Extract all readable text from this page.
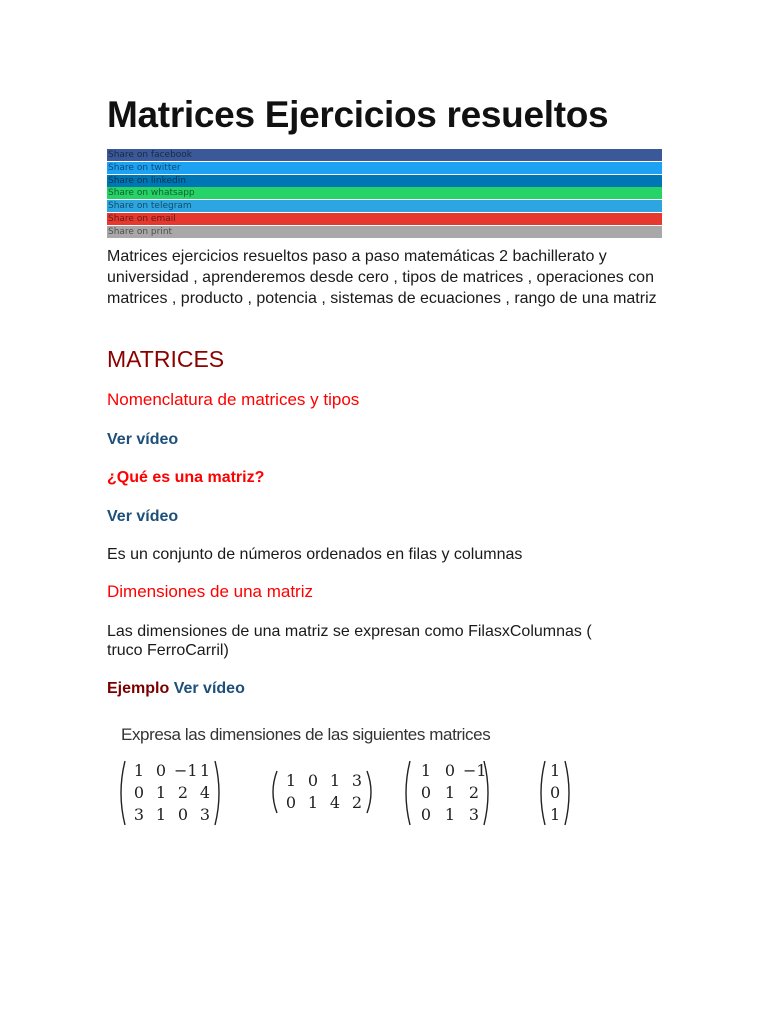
Matrices Ejercicios resueltos
Share on facebook
Share on twitter
Share on linkedin
Share on whatsapp
Share on telegram
Share on email
Share on print

Matrices ejercicios resueltos paso a paso matemáticas 2 bachillerato y universidad , aprenderemos desde cero , tipos de matrices , operaciones con matrices , producto , potencia , sistemas de ecuaciones , rango de una matriz

MATRICES
Nomenclatura de matrices y tipos
Ver vídeo
¿Qué es una matriz?
Ver vídeo

Es un conjunto de números ordenados en filas y columnas

Dimensiones de una matriz

Las dimensiones de una matriz se expresan como FilasxColumnas ( truco FerroCarril)

Ejemplo Ver vídeo
Expresa las dimensiones de las siguientes matrices
1 0 −1 1
0 1 2 4
3 1 0 3
1 0 1 3
0 1 4 2
1 0 −1
0 1 2
0 1 3
1
0
1
